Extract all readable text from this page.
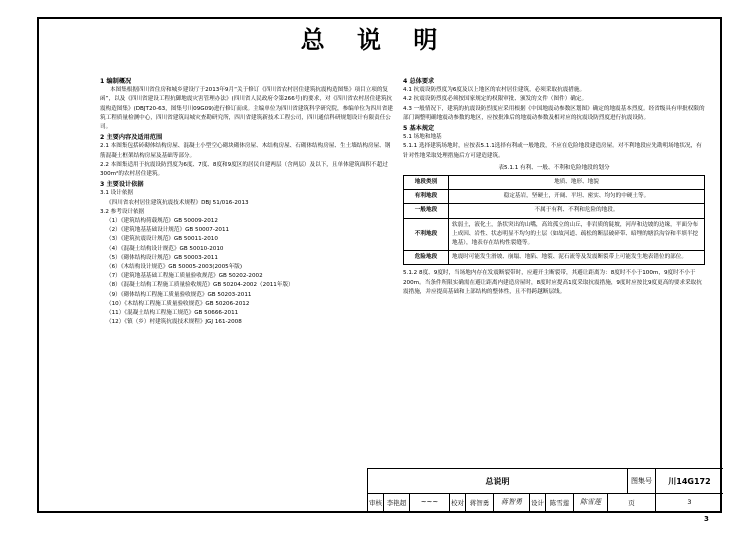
总 说 明
1 编制概况
本图集根据四川省住房和城乡建设厅于2013年9月“关于修订《四川省农村居住建筑抗震构造图集》项目立项的复函”，以及《四川省建设工程抗御地震灾害管理办法》(四川省人民政府令第266号)的要求，对《四川省农村居住建筑抗震构造图集》(DBJT20-63，图集号川09G09)进行修订而成。主编单位为四川省建筑科学研究院，参编单位为四川省建筑工程质量检测中心，四川省建筑局城灾查勘研究所，四川省建筑新技术工程公司，四川通信科研规划设计有限责任公司。
2 主要内容及适用范围
2.1 本图集包括砖砌体结构房屋、混凝土小型空心砌块砌体房屋、木结构房屋、石砌体结构房屋、生土墙结构房屋、钢筋混凝土框架结构房屋及基础等部分。
2.2 本图集适用于抗震设防烈度为6度、7度、8度和9度区的居民自建两层（含两层）及以下，且单体建筑面积不超过300m²的农村居住建筑。
3 主要设计依据
3.1 设计依据
《四川省农村居住建筑抗震技术规程》DBJ 51/016-2013
3.2 参考设计依据
（1）《建筑结构荷载规范》GB 50009-2012
（2）《建筑地基基础设计规范》GB 50007-2011
（3）《建筑抗震设计规范》GB 50011-2010
（4）《混凝土结构设计规范》GB 50010-2010
（5）《砌体结构设计规范》GB 50003-2011
（6）《木结构设计规范》GB 50005-2003(2005年版)
（7）《建筑地基基础工程施工质量验收规范》GB 50202-2002
（8）《混凝土结构工程施工质量验收规范》GB 50204-2002（2011年版）
（9）《砌体结构工程施工质量验收规范》GB 50203-2011
（10）《木结构工程施工质量验收规范》GB 50206-2012
（11）《混凝土结构工程施工规范》GB 50666-2011
（12）《镇（乡）村建筑抗震技术规程》JGJ 161-2008
4 总体要求
4.1 抗震设防烈度为6度及以上地区的农村居住建筑，必须采取抗震措施。
4.2 抗震设防烈度必须按国家规定的权限审批、颁发的文件（图件）确定。
4.3 一般情况下，建筑的抗震设防烈度应采用根据《中国地震动参数区划图》确定的地震基本烈度。经省级具有审批权限的部门调整明确地震动参数的地区，应按批准后的地震动参数及相对应的抗震设防烈度进行抗震设防。
5 基本规定
5.1 场地和地基
5.1.1 选择建筑场地时，应按表5.1.1选择有利或一般地段，不应在危险地段建造房屋。对不利地段应先勘明场地状况，有针对性地采取处理措施后方可建造建筑。
表5.1.1 有利、一般、不利和危险地段的划分
地段类别	地质、地形、地貌
有利地段	稳定基岩，坚硬土，开阔、平坦、密实、均匀的中硬土等。
一般地段	不属于有利、不利和危险的地段。
不利地段	软弱土，液化土，条状突出的山嘴，高耸孤立的山丘，非岩质的陡坡，河岸和边坡的边缘，平面分布上成因、岩性、状态明显不均匀的土层（如故河道、疏松的断层破碎带、暗埋的塘浜沟谷和半填半挖地基），地表存在结构性裂缝等。
危险地段	地震时可能发生滑坡、崩塌、地陷、地裂、泥石流等及发震断裂带上可能发生地表错位的部位。
5.1.2 8度、9度时，当场地内存在发震断裂带时，应避开主断裂带，其避让距离为：8度时不小于100m，9度时不小于200m。当条件所限实确需在避让距离内建造房屋时，8度时应提高1度采取抗震措施，9度时应按比9度更高的要求采取抗震措施，并应提高基础和上部结构的整体性，且不得跨越断层线。
总说明	图集号	川14G172
审核 李艳超	~~~	校对 蒋智勇	蒋智勇	设计 陈雪莲	陈雪莲	页	3
3
